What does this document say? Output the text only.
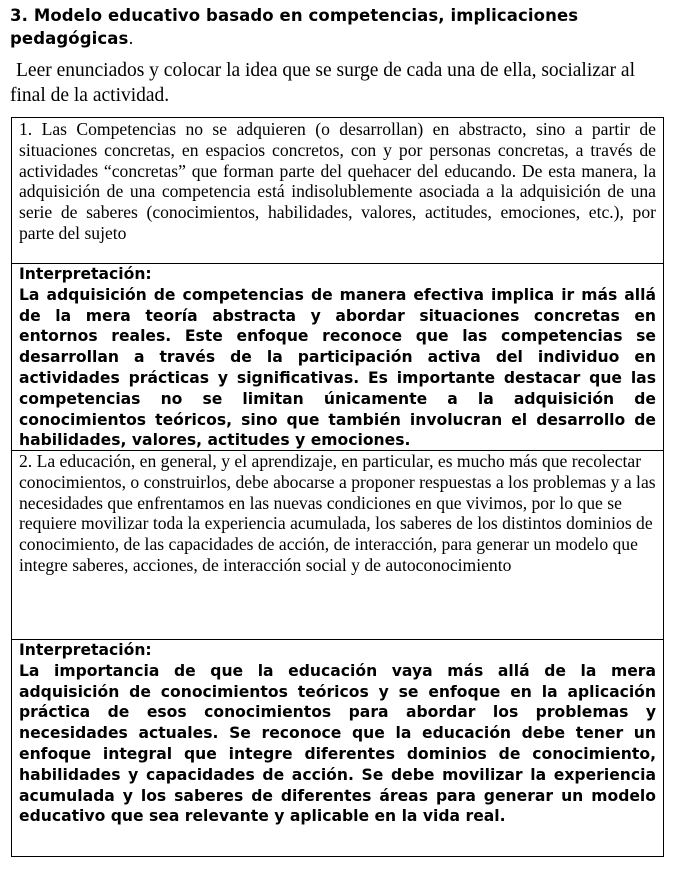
3. Modelo educativo basado en competencias, implicaciones pedagógicas.

Leer enunciados y colocar la idea que se surge de cada una de ella, socializar al final de la actividad.

1. Las Competencias no se adquieren (o desarrollan) en abstracto, sino a partir de situaciones concretas, en espacios concretos, con y por personas concretas, a través de actividades “concretas” que forman parte del quehacer del educando. De esta manera, la adquisición de una competencia está indisolublemente asociada a la adquisición de una serie de saberes (conocimientos, habilidades, valores, actitudes, emociones, etc.), por parte del sujeto

Interpretación:

La adquisición de competencias de manera efectiva implica ir más allá de la mera teoría abstracta y abordar situaciones concretas en entornos reales. Este enfoque reconoce que las competencias se desarrollan a través de la participación activa del individuo en actividades prácticas y significativas. Es importante destacar que las competencias no se limitan únicamente a la adquisición de conocimientos teóricos, sino que también involucran el desarrollo de habilidades, valores, actitudes y emociones.

2. La educación, en general, y el aprendizaje, en particular, es mucho más que recolectar conocimientos, o construirlos, debe abocarse a proponer respuestas a los problemas y a las necesidades que enfrentamos en las nuevas condiciones en que vivimos, por lo que se requiere movilizar toda la experiencia acumulada, los saberes de los distintos dominios de conocimiento, de las capacidades de acción, de interacción, para generar un modelo que integre saberes, acciones, de interacción social y de autoconocimiento

Interpretación:

La importancia de que la educación vaya más allá de la mera adquisición de conocimientos teóricos y se enfoque en la aplicación práctica de esos conocimientos para abordar los problemas y necesidades actuales. Se reconoce que la educación debe tener un enfoque integral que integre diferentes dominios de conocimiento, habilidades y capacidades de acción. Se debe movilizar la experiencia acumulada y los saberes de diferentes áreas para generar un modelo educativo que sea relevante y aplicable en la vida real.
